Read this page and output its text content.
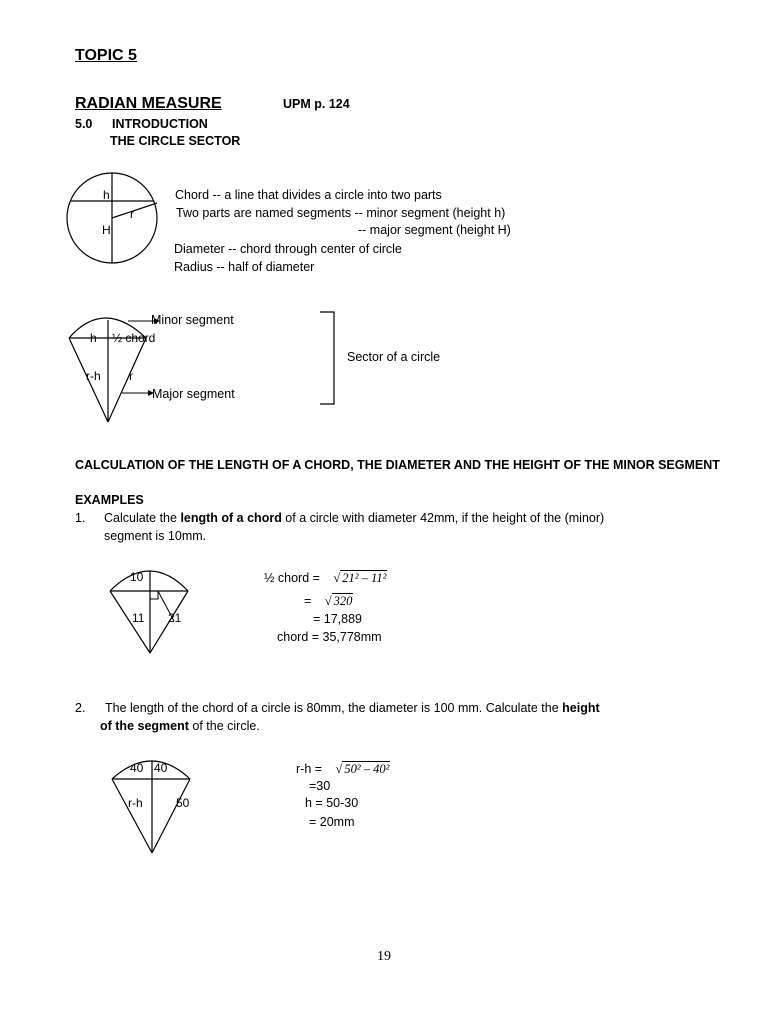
TOPIC 5
RADIAN MEASURE	UPM p. 124
5.0 INTRODUCTION
THE CIRCLE SECTOR
h
r
H
Chord -- a line that divides a circle into two parts
Two parts are named segments -- minor segment (height h)
-- major segment (height H)
Diameter -- chord through center of circle
Radius -- half of diameter
h ½ chord
r-h r
Minor segment
Major segment
Sector of a circle
CALCULATION OF THE LENGTH OF A CHORD, THE DIAMETER AND THE HEIGHT OF THE MINOR SEGMENT
EXAMPLES
1. Calculate the length of a chord of a circle with diameter 42mm, if the height of the (minor)
segment is 10mm.
10
11 21
½ chord = √ 21² – 11²
= √ 320
= 17,889
chord = 35,778mm
2. The length of the chord of a circle is 80mm, the diameter is 100 mm. Calculate the height
of the segment of the circle.
40 40
r-h	50
r-h = √ 50² – 40²
=30
h = 50-30
= 20mm
19
